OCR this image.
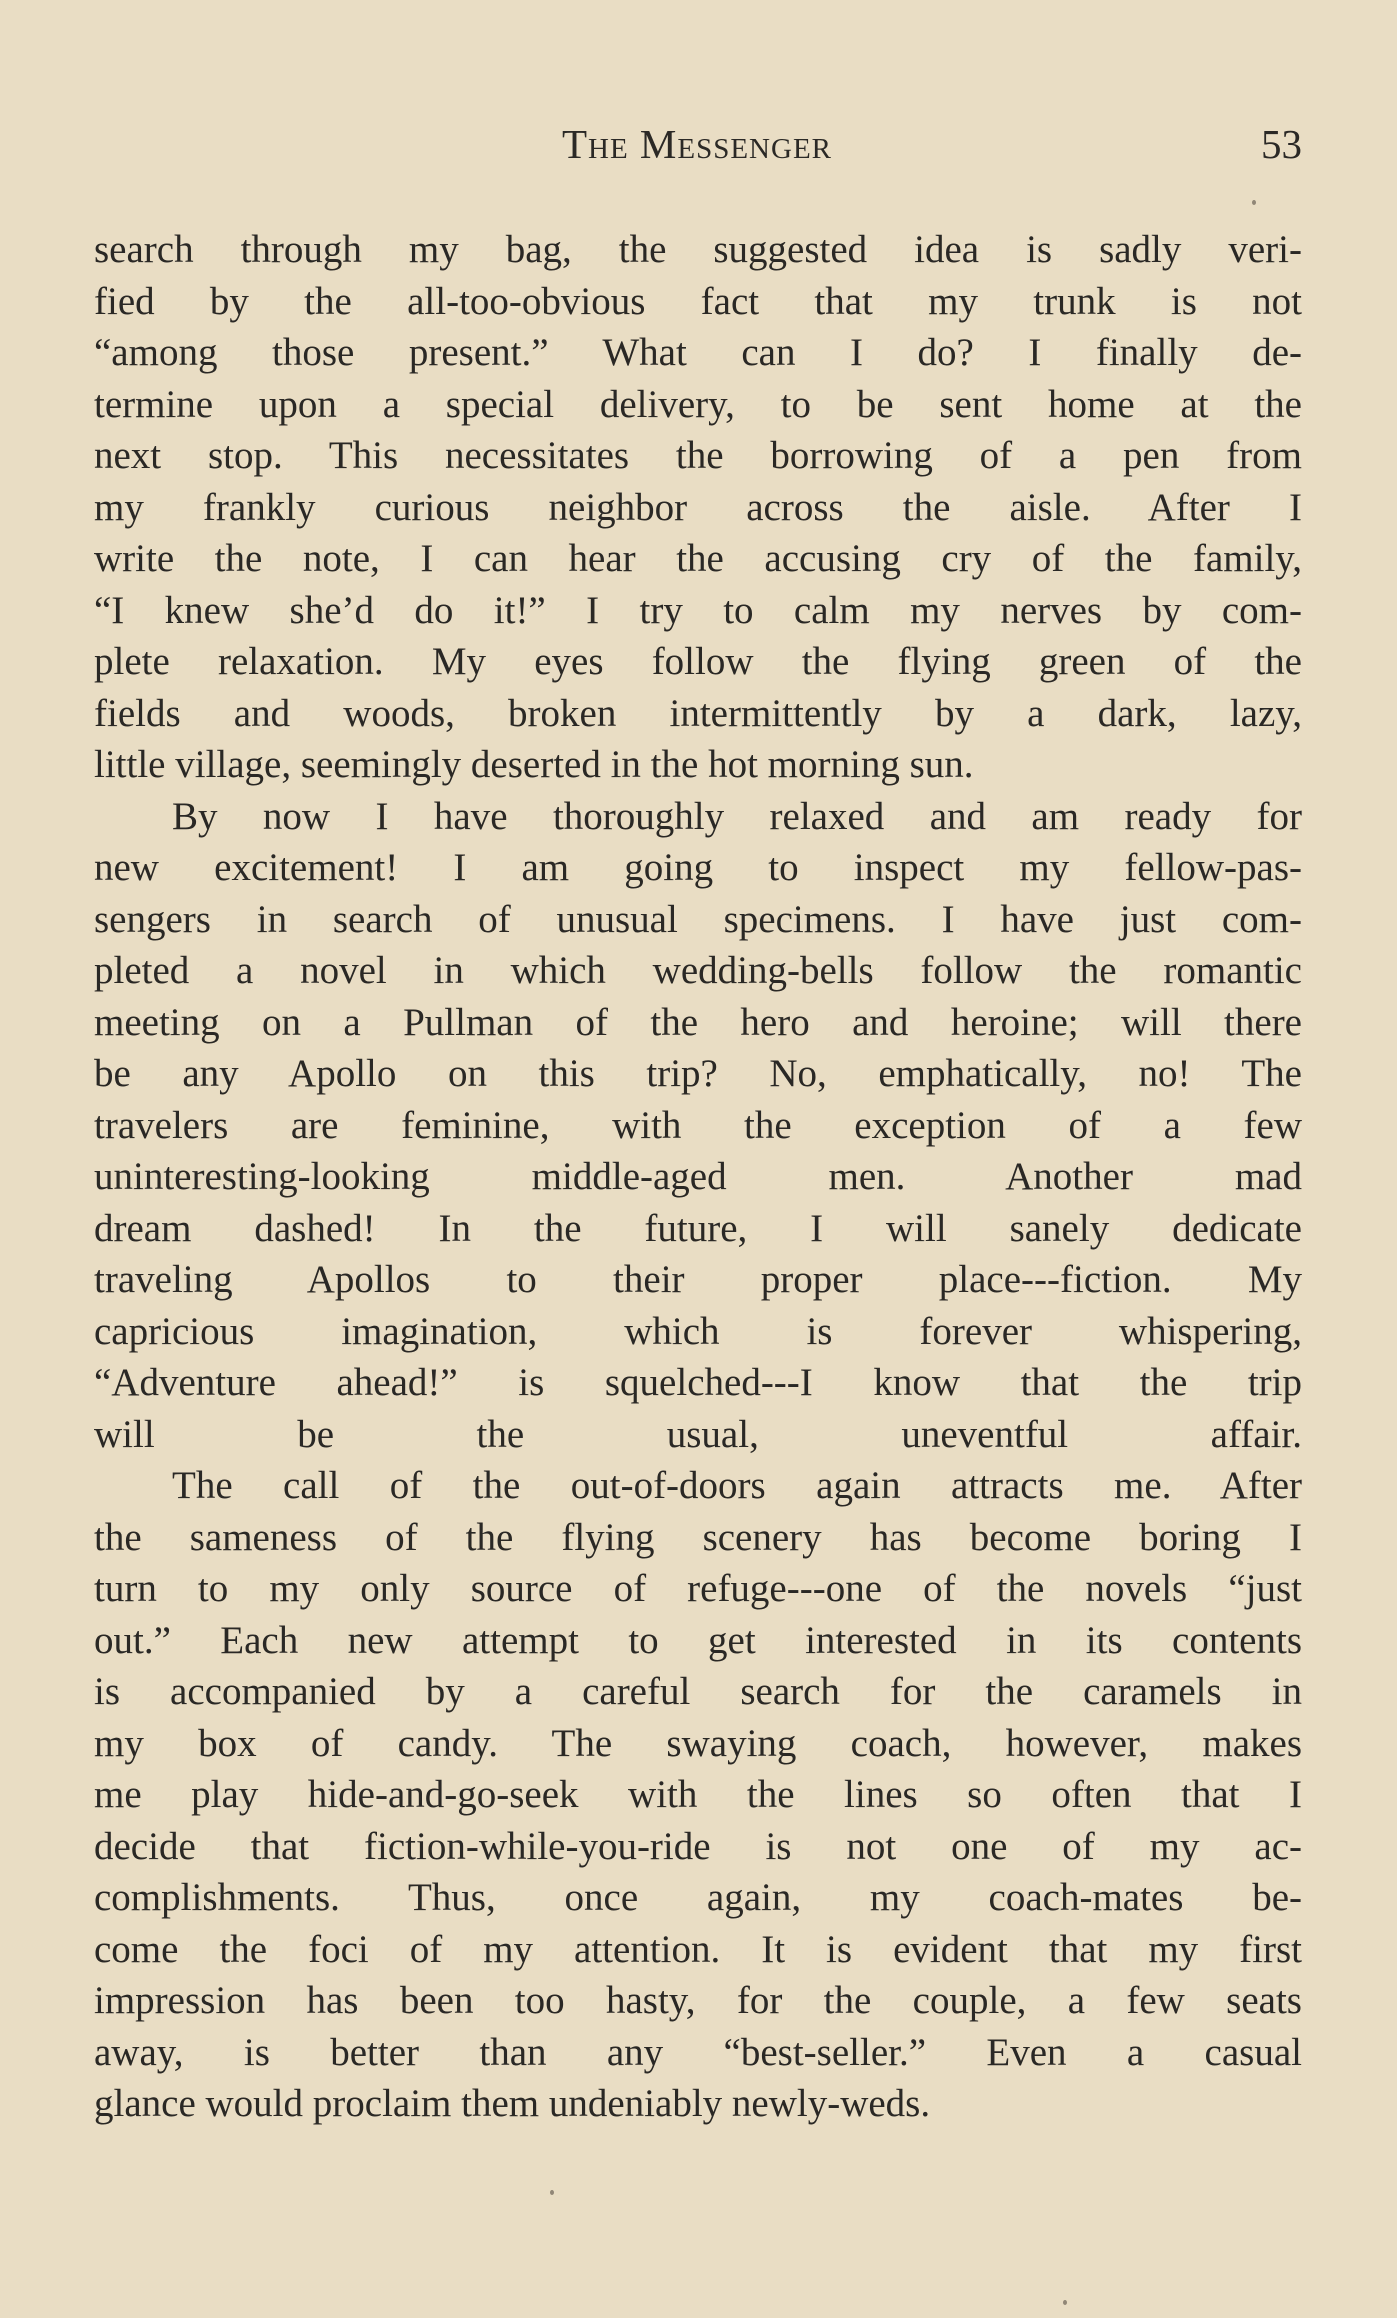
The Messenger	53

search through my bag, the suggested idea is sadly veri-
fied by the all-too-obvious fact that my trunk is not
“among those present.” What can I do? I finally de-
termine upon a special delivery, to be sent home at the
next stop. This necessitates the borrowing of a pen from
my frankly curious neighbor across the aisle. After I
write the note, I can hear the accusing cry of the family,
“I knew she’d do it!” I try to calm my nerves by com-
plete relaxation. My eyes follow the flying green of the
fields and woods, broken intermittently by a dark, lazy,
little village, seemingly deserted in the hot morning sun.

By now I have thoroughly relaxed and am ready for
new excitement! I am going to inspect my fellow-pas-
sengers in search of unusual specimens. I have just com-
pleted a novel in which wedding-bells follow the romantic
meeting on a Pullman of the hero and heroine; will there
be any Apollo on this trip? No, emphatically, no! The
travelers are feminine, with the exception of a few
uninteresting-looking middle-aged men. Another mad
dream dashed! In the future, I will sanely dedicate
traveling Apollos to their proper place---fiction. My
capricious imagination, which is forever whispering,
“Adventure ahead!” is squelched---I know that the trip
will be the usual, uneventful affair.

The call of the out-of-doors again attracts me. After
the sameness of the flying scenery has become boring I
turn to my only source of refuge---one of the novels “just
out.” Each new attempt to get interested in its contents
is accompanied by a careful search for the caramels in
my box of candy. The swaying coach, however, makes
me play hide-and-go-seek with the lines so often that I
decide that fiction-while-you-ride is not one of my ac-
complishments. Thus, once again, my coach-mates be-
come the foci of my attention. It is evident that my first
impression has been too hasty, for the couple, a few seats
away, is better than any “best-seller.” Even a casual
glance would proclaim them undeniably newly-weds.
